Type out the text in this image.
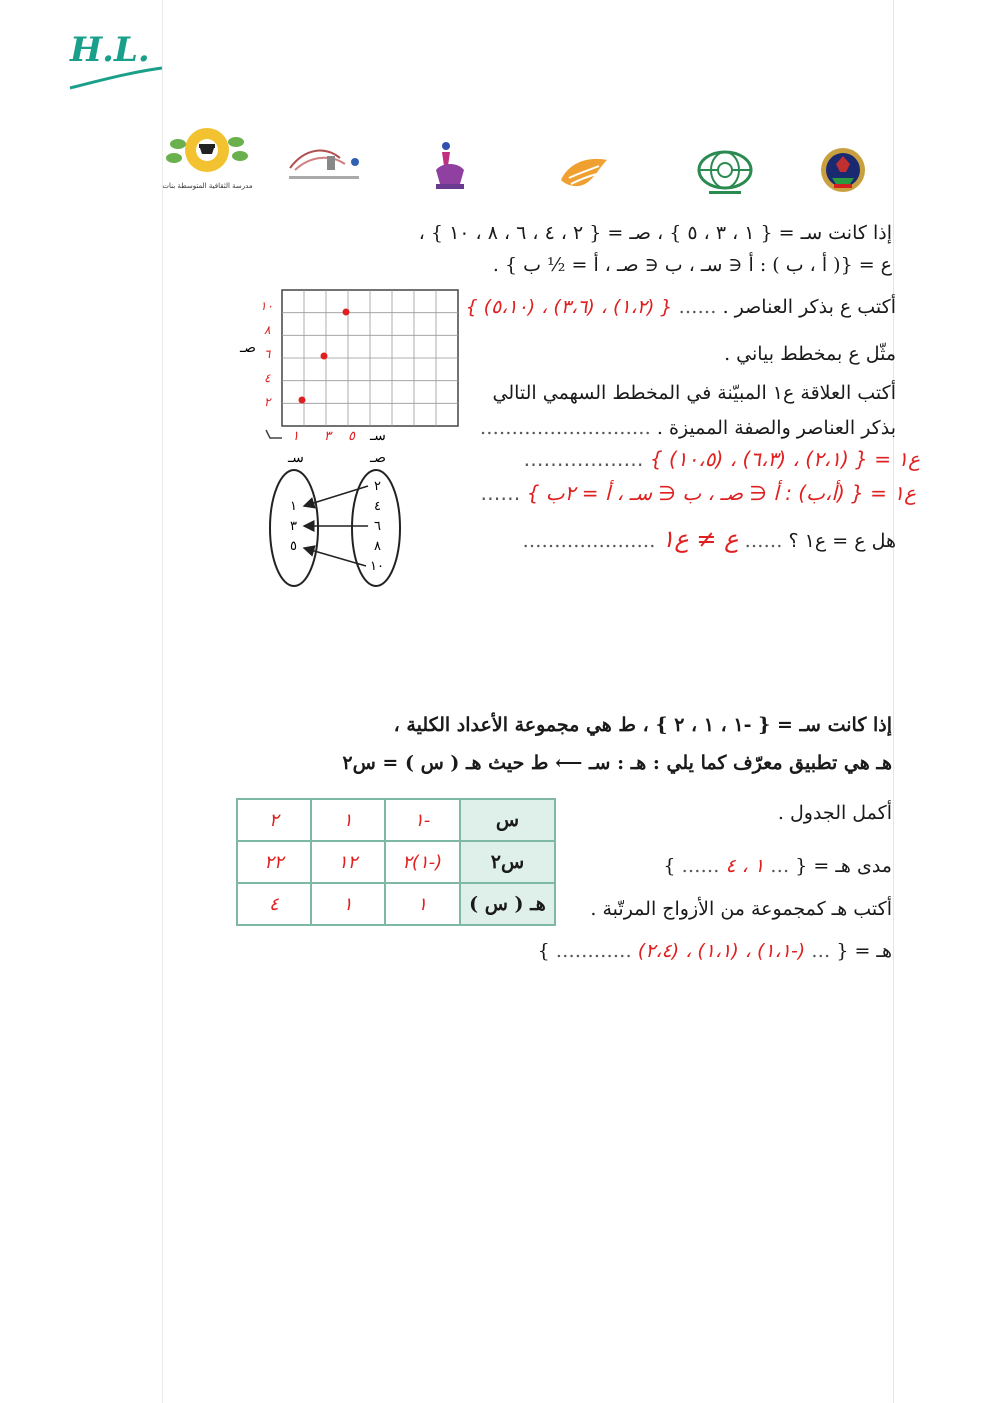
H.L.
مدرسة الثقافية المتوسطة بنات
إذا كانت سـ = { ١ ، ٣ ، ٥ } ، صـ = { ٢ ، ٤ ، ٦ ، ٨ ، ١٠ } ،
ع = {( أ ، ب ) : أ ∈ سـ ، ب ∈ صـ ، أ = ½ ب } .
أكتب ع بذكر العناصر . …… { (١،٢) ، (٣،٦) ، (٥،١٠) }
مثّل ع بمخطط بياني .
أكتب العلاقة ع١ المبيّنة في المخطط السهمي التالي
بذكر العناصر والصفة المميزة . ………………………
ع١ = { (٢،١) ، (٦،٣) ، (١٠،٥) } ………………
ع١ = { (أ،ب) : أ ∈ صـ ، ب ∈ سـ ، أ = ٢ب } ……
هل ع = ع١ ؟ …… ع ≠ ع١ …………………
صـ
سـ
١ ٣ ٥
٢
٤
٦
٨
١٠
سـ	صـ
١
٣
٥
٢
٤
٦
٨
١٠
إذا كانت سـ = { -١ ، ١ ، ٢ } ، ط هي مجموعة الأعداد الكلية ،
هـ هي تطبيق معرّف كما يلي : هـ : سـ ⟵ ط حيث هـ ( س ) = س٢
أكمل الجدول .
س	-١	١	٢
س٢	(-١)٢	١٢	٢٢
هـ ( س )	١	١	٤
مدى هـ = { … ١ ، ٤ …… }
أكتب هـ كمجموعة من الأزواج المرتّبة .
هـ = { … (-١،١) ، (١،١) ، (٢،٤) ………… }
